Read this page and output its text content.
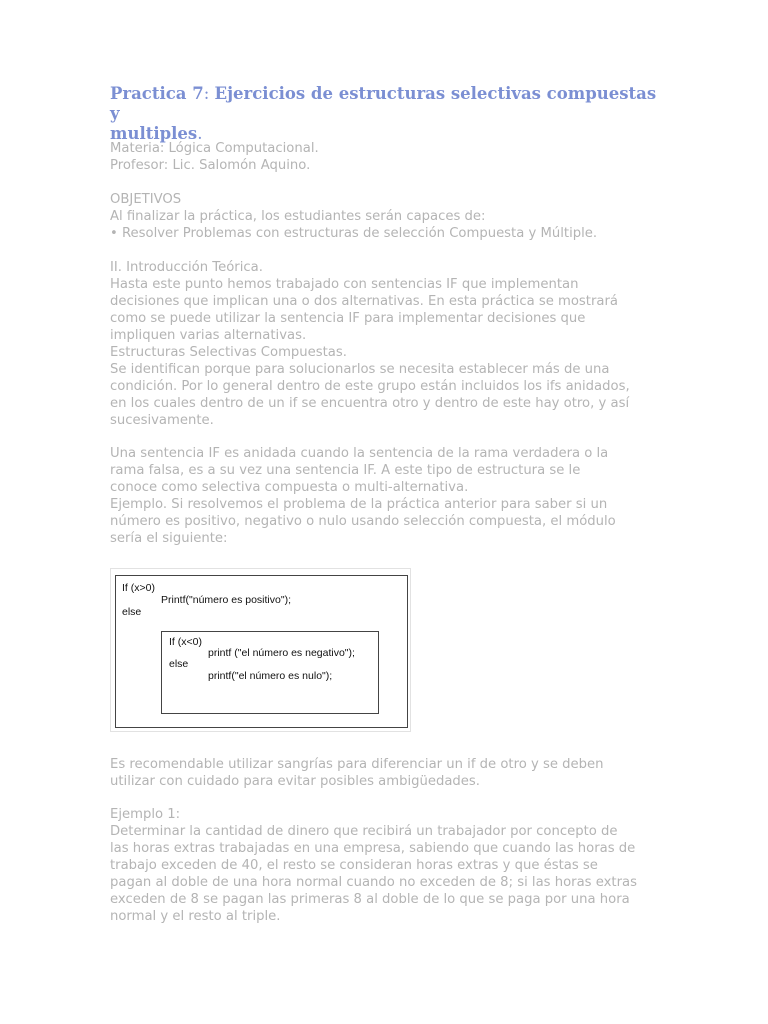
Practica 7: Ejercicios de estructuras selectivas compuestas y
multiples.
Materia: Lógica Computacional.
Profesor: Lic. Salomón Aquino.
OBJETIVOS
Al finalizar la práctica, los estudiantes serán capaces de:
• Resolver Problemas con estructuras de selección Compuesta y Múltiple.
II. Introducción Teórica.
Hasta este punto hemos trabajado con sentencias IF que implementan
decisiones que implican una o dos alternativas. En esta práctica se mostrará
como se puede utilizar la sentencia IF para implementar decisiones que
impliquen varias alternativas.
Estructuras Selectivas Compuestas.
Se identifican porque para solucionarlos se necesita establecer más de una
condición. Por lo general dentro de este grupo están incluidos los ifs anidados,
en los cuales dentro de un if se encuentra otro y dentro de este hay otro, y así
sucesivamente.
Una sentencia IF es anidada cuando la sentencia de la rama verdadera o la
rama falsa, es a su vez una sentencia IF. A este tipo de estructura se le
conoce como selectiva compuesta o multi-alternativa.
Ejemplo. Si resolvemos el problema de la práctica anterior para saber si un
número es positivo, negativo o nulo usando selección compuesta, el módulo
sería el siguiente:
Es recomendable utilizar sangrías para diferenciar un if de otro y se deben
utilizar con cuidado para evitar posibles ambigüedades.
Ejemplo 1:
Determinar la cantidad de dinero que recibirá un trabajador por concepto de
las horas extras trabajadas en una empresa, sabiendo que cuando las horas de
trabajo exceden de 40, el resto se consideran horas extras y que éstas se
pagan al doble de una hora normal cuando no exceden de 8; si las horas extras
exceden de 8 se pagan las primeras 8 al doble de lo que se paga por una hora
normal y el resto al triple.
If (x>0)
Printf("número es positivo");
else
If (x<0)
printf ("el número es negativo");
else
printf("el número es nulo");
